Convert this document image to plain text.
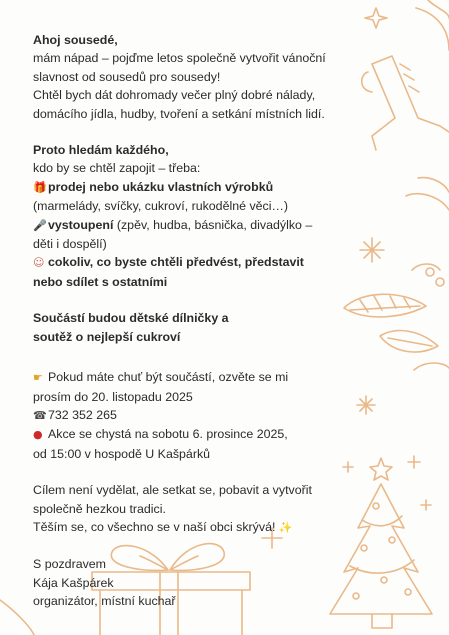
Ahoj sousedé,

mám nápad – pojďme letos společně vytvořit vánoční

slavnost od sousedů pro sousedy!

Chtěl bych dát dohromady večer plný dobré nálady,

domácího jídla, hudby, tvoření a setkání místních lidí.

Proto hledám každého,

kdo by se chtěl zapojit – třeba:

🎁prodej nebo ukázku vlastních výrobků

(marmelády, svíčky, cukroví, rukodělné věci…)

🎤vystoupení (zpěv, hudba, básnička, divadýlko –

děti i dospělí)

☺ cokoliv, co byste chtěli předvést, představit

nebo sdílet s ostatními

Součástí budou dětské dílničky a

soutěž o nejlepší cukroví

☛ Pokud máte chuť být součástí, ozvěte se mi

prosím do 20. listopadu 2025

☎732 352 265

● Akce se chystá na sobotu 6. prosince 2025,

od 15:00 v hospodě U Kašpárků

Cílem není vydělat, ale setkat se, pobavit a vytvořit

společně hezkou tradici.

Těším se, co všechno se v naší obci skrývá! ✨

S pozdravem

Kája Kašpárek

organizátor, místní kuchař
